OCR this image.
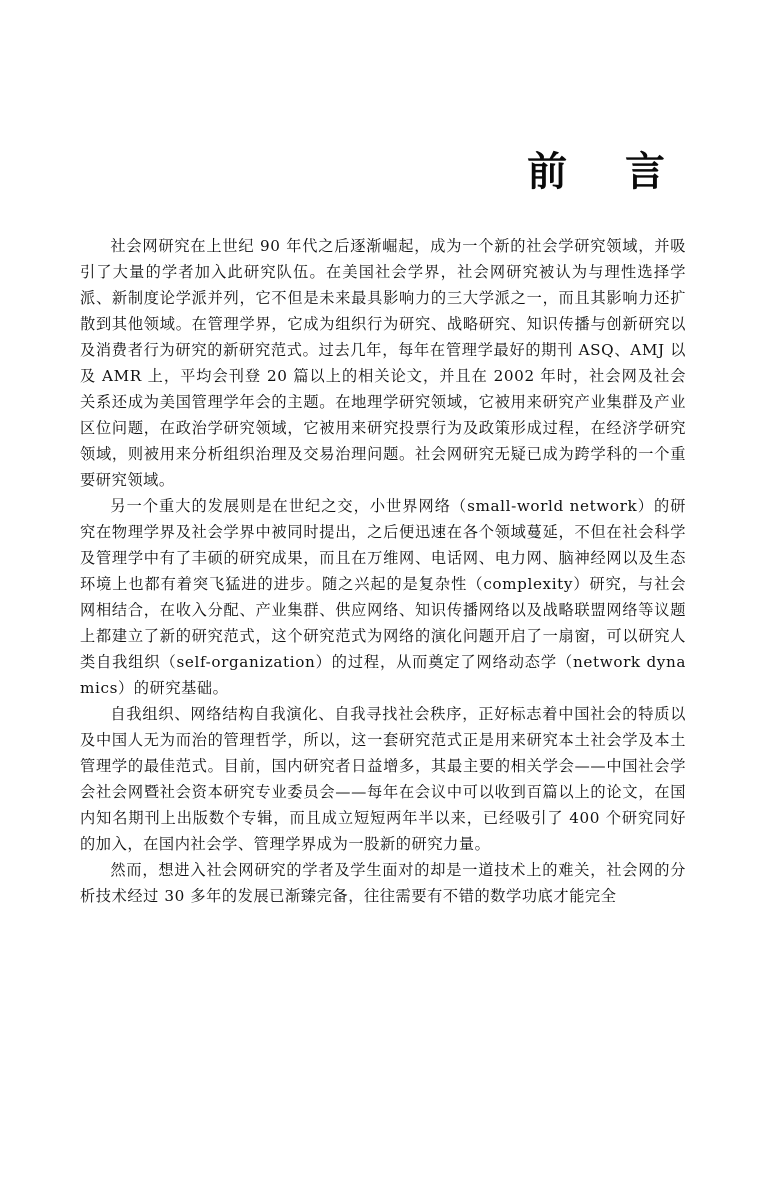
前 言

社会网研究在上世纪 90 年代之后逐渐崛起，成为一个新的社会学研究领域，并吸引了大量的学者加入此研究队伍。在美国社会学界，社会网研究被认为与理性选择学派、新制度论学派并列，它不但是未来最具影响力的三大学派之一，而且其影响力还扩散到其他领域。在管理学界，它成为组织行为研究、战略研究、知识传播与创新研究以及消费者行为研究的新研究范式。过去几年，每年在管理学最好的期刊 ASQ、AMJ 以及 AMR 上，平均会刊登 20 篇以上的相关论文，并且在 2002 年时，社会网及社会关系还成为美国管理学年会的主题。在地理学研究领域，它被用来研究产业集群及产业区位问题，在政治学研究领域，它被用来研究投票行为及政策形成过程，在经济学研究领域，则被用来分析组织治理及交易治理问题。社会网研究无疑已成为跨学科的一个重要研究领域。

另一个重大的发展则是在世纪之交，小世界网络（small-world network）的研究在物理学界及社会学界中被同时提出，之后便迅速在各个领域蔓延，不但在社会科学及管理学中有了丰硕的研究成果，而且在万维网、电话网、电力网、脑神经网以及生态环境上也都有着突飞猛进的进步。随之兴起的是复杂性（complexity）研究，与社会网相结合，在收入分配、产业集群、供应网络、知识传播网络以及战略联盟网络等议题上都建立了新的研究范式，这个研究范式为网络的演化问题开启了一扇窗，可以研究人类自我组织（self-organization）的过程，从而奠定了网络动态学（network dynamics）的研究基础。

自我组织、网络结构自我演化、自我寻找社会秩序，正好标志着中国社会的特质以及中国人无为而治的管理哲学，所以，这一套研究范式正是用来研究本土社会学及本土管理学的最佳范式。目前，国内研究者日益增多，其最主要的相关学会——中国社会学会社会网暨社会资本研究专业委员会——每年在会议中可以收到百篇以上的论文，在国内知名期刊上出版数个专辑，而且成立短短两年半以来，已经吸引了 400 个研究同好的加入，在国内社会学、管理学界成为一股新的研究力量。

然而，想进入社会网研究的学者及学生面对的却是一道技术上的难关，社会网的分析技术经过 30 多年的发展已渐臻完备，往往需要有不错的数学功底才能完全
